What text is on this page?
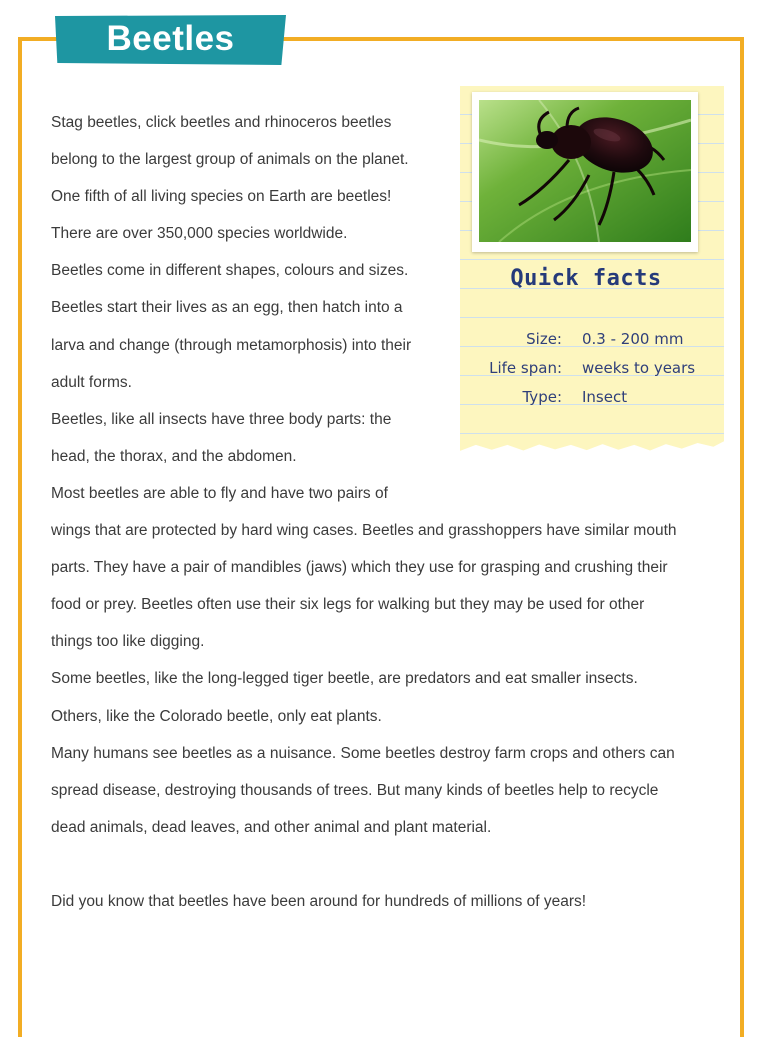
Beetles
Stag beetles, click beetles and rhinoceros beetles
belong to the largest group of animals on the planet.
One fifth of all living species on Earth are beetles!
There are over 350,000 species worldwide.
Beetles come in different shapes, colours and sizes.
Beetles start their lives as an egg, then hatch into a
larva and change (through metamorphosis) into their
adult forms.
Beetles, like all insects have three body parts: the
head, the thorax, and the abdomen.
Most beetles are able to fly and have two pairs of
wings that are protected by hard wing cases. Beetles and grasshoppers have similar mouth
parts. They have a pair of mandibles (jaws) which they use for grasping and crushing their
food or prey. Beetles often use their six legs for walking but they may be used for other
things too like digging.
Some beetles, like the long-legged tiger beetle, are predators and eat smaller insects.
Others, like the Colorado beetle, only eat plants.
Many humans see beetles as a nuisance. Some beetles destroy farm crops and others can
spread disease, destroying thousands of trees. But many kinds of beetles help to recycle
dead animals, dead leaves, and other animal and plant material.
Did you know that beetles have been around for hundreds of millions of years!
Quick facts
Size: 0.3 - 200 mm
Life span: weeks to years
Type: Insect
